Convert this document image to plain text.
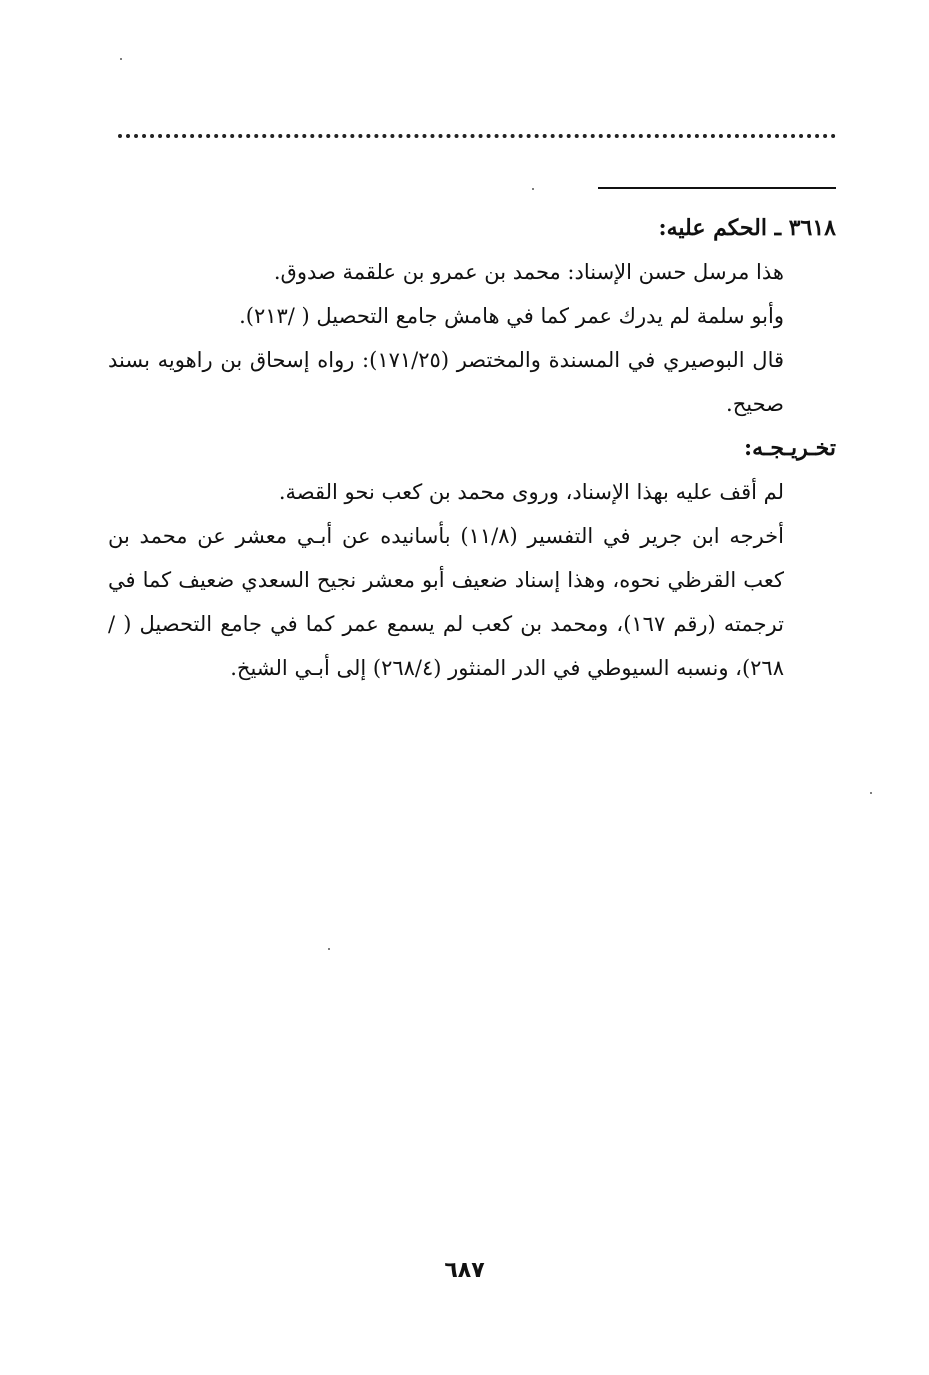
٣٦١٨ ـ الحكم عليه:

هذا مرسل حسن الإسناد: محمد بن عمرو بن علقمة صدوق.

وأبو سلمة لم يدرك عمر كما في هامش جامع التحصيل ( /٢١٣).

قال البوصيري في المسندة والمختصر (١٧١/٢٥): رواه إسحاق بن راهويه بسند صحيح.

تخـريـجـه:

لم أقف عليه بهذا الإسناد، وروى محمد بن كعب نحو القصة.

أخرجه ابن جرير في التفسير (١١/٨) بأسانيده عن أبـي معشر عن محمد بن كعب القرظي نحوه، وهذا إسناد ضعيف أبو معشر نجيح السعدي ضعيف كما في ترجمته (رقم ١٦٧)، ومحمد بن كعب لم يسمع عمر كما في جامع التحصيل ( /٢٦٨)، ونسبه السيوطي في الدر المنثور (٢٦٨/٤) إلى أبـي الشيخ.

٦٨٧
